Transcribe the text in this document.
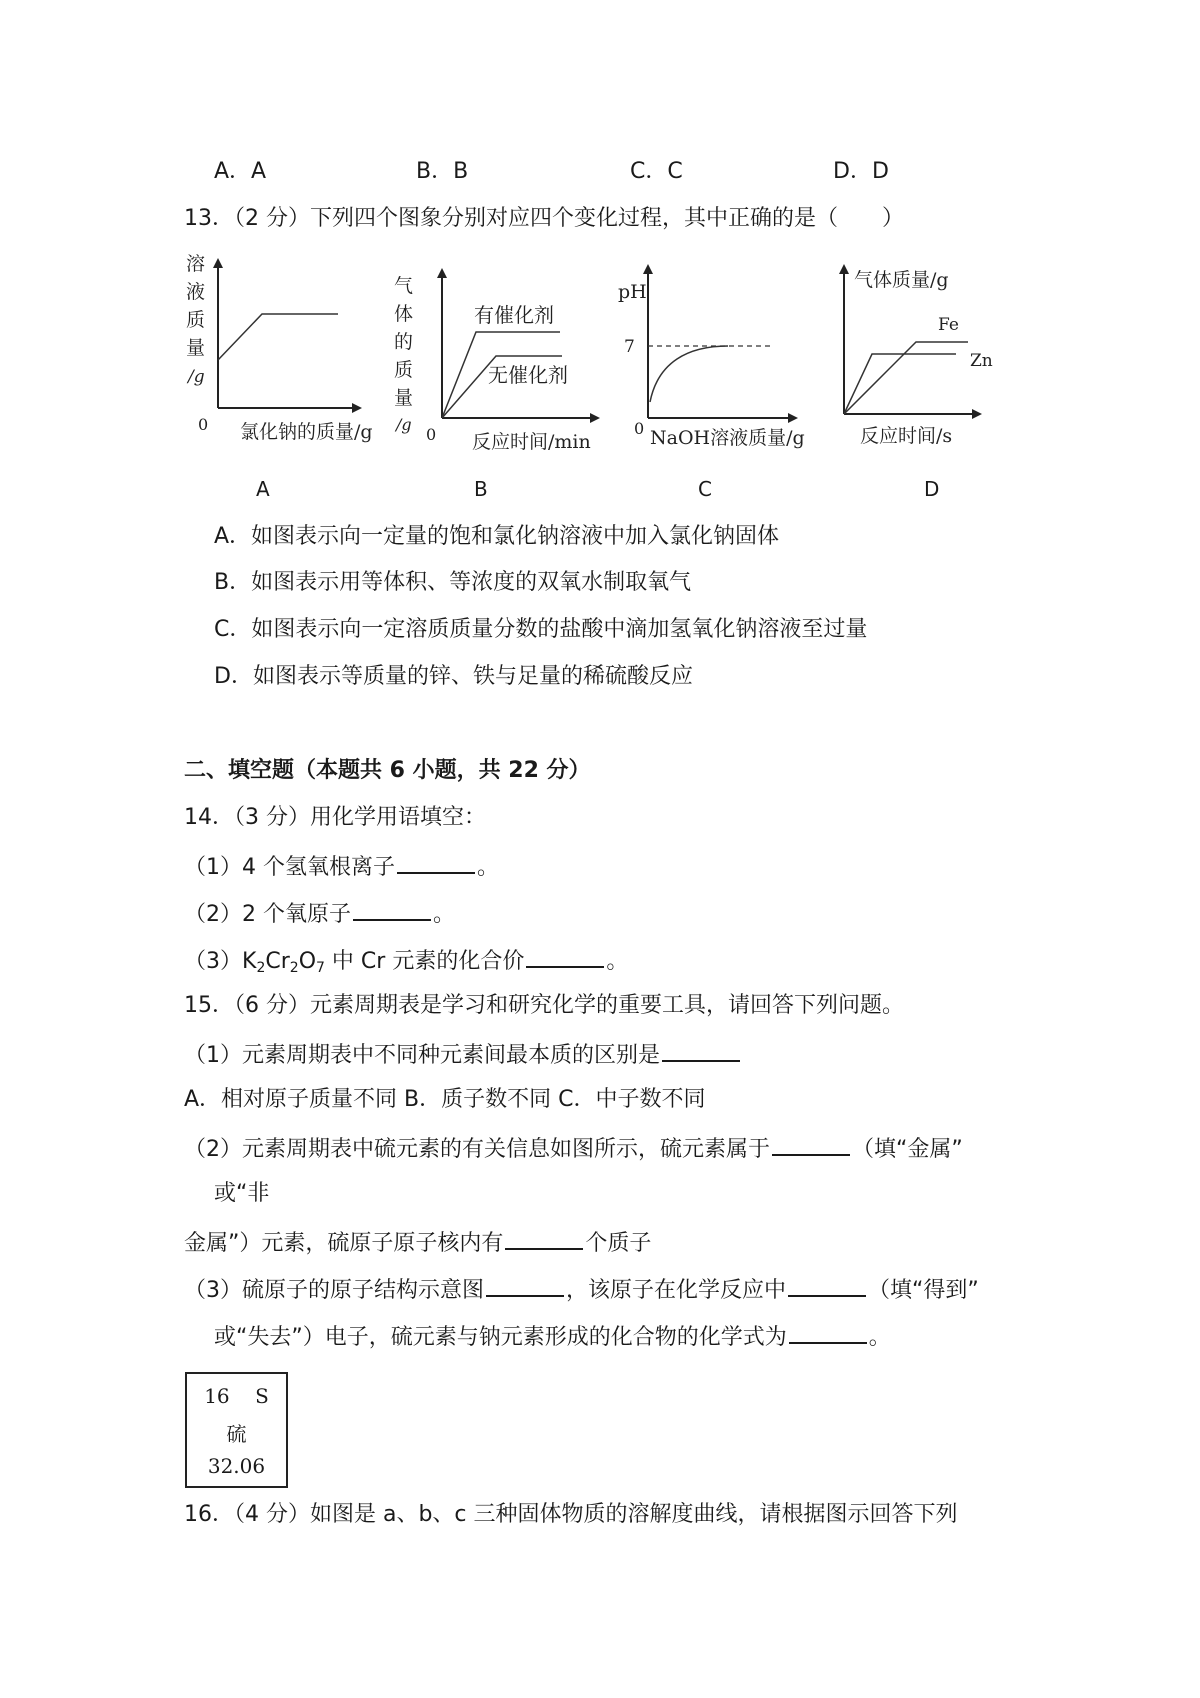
A．A	B．B	C．C	D．D
13．（2 分）下列四个图象分别对应四个变化过程，其中正确的是（　　）
溶
液
质
量
/g
0 氯化钠的质量/g
A
气
体
的
质
量
/g
0 反应时间/min
有催化剂
无催化剂
B
pH
7
0 NaOH溶液质量/g
C
气体质量/g
Fe
Zn
反应时间/s
D
A．如图表示向一定量的饱和氯化钠溶液中加入氯化钠固体
B．如图表示用等体积、等浓度的双氧水制取氧气
C．如图表示向一定溶质质量分数的盐酸中滴加氢氧化钠溶液至过量
D．如图表示等质量的锌、铁与足量的稀硫酸反应
二、填空题（本题共 6 小题，共 22 分）
14．（3 分）用化学用语填空：
（1）4 个氢氧根离子	。
（2）2 个氧原子	。
$(3)K_2Cr_2O_7$ 中 Cr 元素的化合价	。
15．（6 分）元素周期表是学习和研究化学的重要工具，请回答下列问题。
（1）元素周期表中不同种元素间最本质的区别是
A．相对原子质量不同 B．质子数不同 C．中子数不同
（2）元素周期表中硫元素的有关信息如图所示，硫元素属于	（填“金属”
或“非
金属”）元素，硫原子原子核内有	个质子
（3）硫原子的原子结构示意图	，该原子在化学反应中	（填“得到”
或“失去”）电子，硫元素与钠元素形成的化合物的化学式为	。
16 S
硫
32.06
16．（4 分）如图是 a、b、c 三种固体物质的溶解度曲线，请根据图示回答下列
